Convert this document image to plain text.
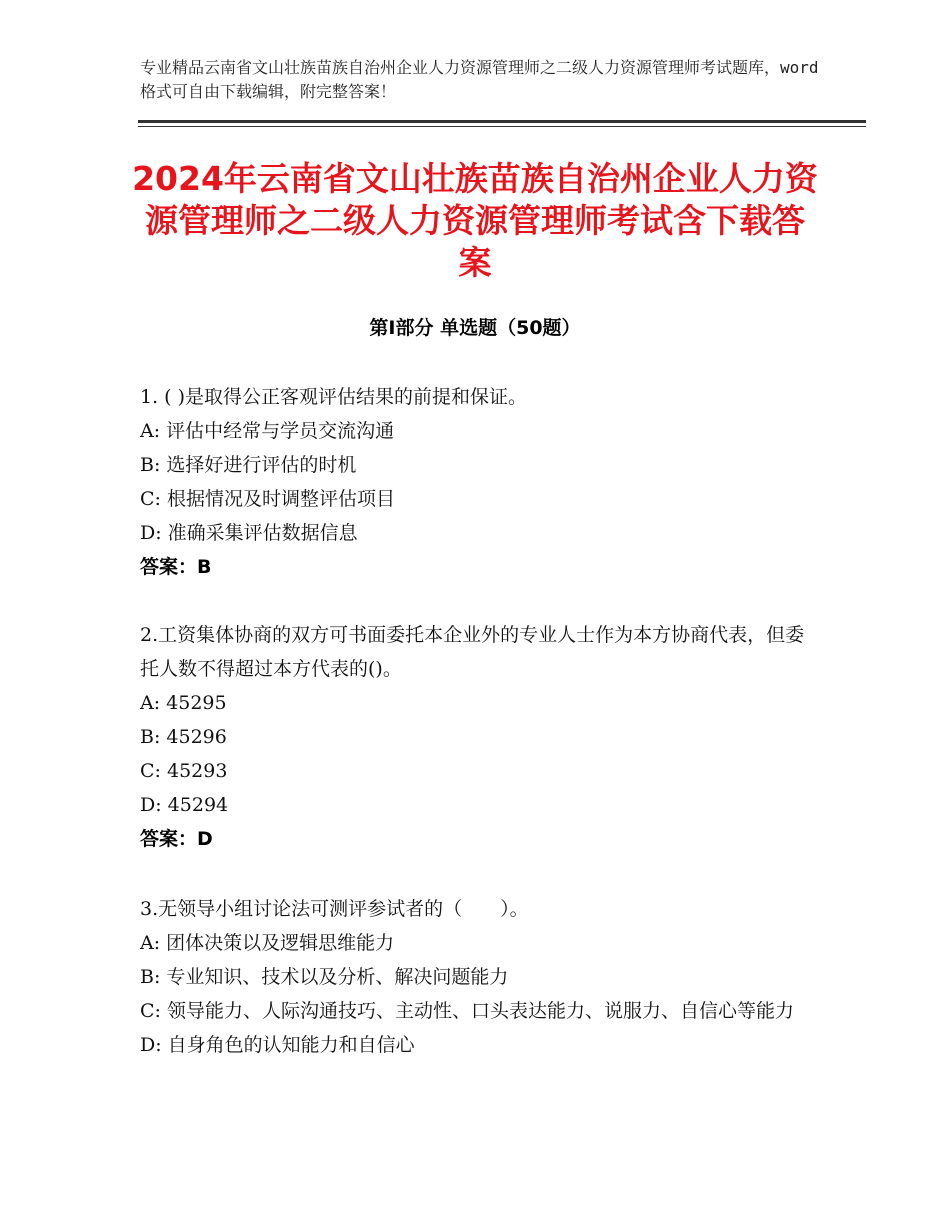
专业精品云南省文山壮族苗族自治州企业人力资源管理师之二级人力资源管理师考试题库，word格式可自由下载编辑，附完整答案！
2024年云南省文山壮族苗族自治州企业人力资源管理师之二级人力资源管理师考试含下载答案
第Ⅰ部分 单选题（50题）
1. ( )是取得公正客观评估结果的前提和保证。
A: 评估中经常与学员交流沟通
B: 选择好进行评估的时机
C: 根据情况及时调整评估项目
D: 准确采集评估数据信息
答案：B
2.工资集体协商的双方可书面委托本企业外的专业人士作为本方协商代表，但委托人数不得超过本方代表的()。
A: 45295
B: 45296
C: 45293
D: 45294
答案：D
3.无领导小组讨论法可测评参试者的（　　）。
A: 团体决策以及逻辑思维能力
B: 专业知识、技术以及分析、解决问题能力
C: 领导能力、人际沟通技巧、主动性、口头表达能力、说服力、自信心等能力
D: 自身角色的认知能力和自信心
